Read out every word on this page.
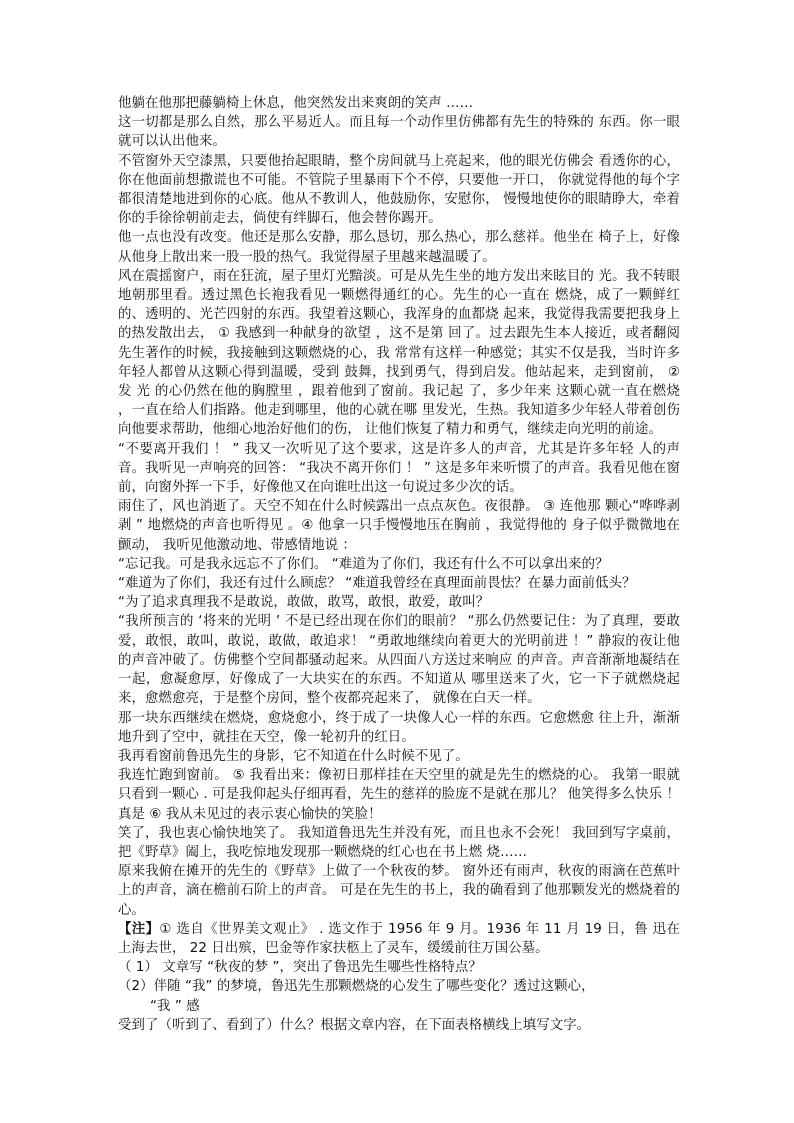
他躺在他那把藤躺椅上休息，他突然发出来爽朗的笑声 ……

这一切都是那么自然，那么平易近人。而且每一个动作里仿佛都有先生的特殊的 东西。你一眼就可以认出他来。

不管窗外天空漆黑，只要他抬起眼睛，整个房间就马上亮起来，他的眼光仿佛会 看透你的心，你在他面前想撒谎也不可能。不管院子里暴雨下个不停，只要他一开口， 你就觉得他的每个字都很清楚地进到你的心底。他从不教训人，他鼓励你，安慰你， 慢慢地使你的眼睛睁大，牵着你的手徐徐朝前走去，倘使有绊脚石，他会替你踢开。

他一点也没有改变。他还是那么安静，那么恳切，那么热心，那么慈祥。他坐在 椅子上，好像从他身上散出来一股一股的热气。我觉得屋子里越来越温暖了。

风在震摇窗户，雨在狂流，屋子里灯光黯淡。可是从先生坐的地方发出来眩目的 光。我不转眼地朝那里看。透过黑色长袍我看见一颗燃得通红的心。先生的心一直在 燃烧，成了一颗鲜红的、透明的、光芒四射的东西。我望着这颗心，我浑身的血都烧 起来，我觉得我需要把我身上的热发散出去， ① 我感到一种献身的欲望 ，这不是第 回了。过去跟先生本人接近，或者翻阅先生著作的时候，我接触到这颗燃烧的心，我 常常有这样一种感觉；其实不仅是我，当时许多年轻人都曾从这颗心得到温暖，受到 鼓舞，找到勇气，得到启发。他站起来，走到窗前， ② 发 光 的心仍然在他的胸膛里 ，跟着他到了窗前。我记起 了，多少年来 这颗心就一直在燃烧 ，一直在给人们指路。他走到哪里，他的心就在哪 里发光，生热。我知道多少年轻人带着创伤向他要求帮助，他细心地治好他们的伤， 让他们恢复了精力和勇气，继续走向光明的前途。

“不要离开我们 ！ ” 我又一次听见了这个要求，这是许多人的声音，尤其是许多年轻 人的声音。我听见一声响亮的回答： “我决不离开你们 ！ ” 这是多年来听惯了的声音。我看见他在窗前，向窗外挥一下手，好像他又在向谁吐出这一句说过多少次的话。

雨住了，风也消逝了。天空不知在什么时候露出一点点灰色。夜很静。 ③ 连他那 颗心“哗哗剥剥 ” 地燃烧的声音也听得见 。④ 他拿一只手慢慢地压在胸前 ，我觉得他的 身子似乎微微地在颤动， 我听见他激动地、带感情地说 ：

“忘记我。可是我永远忘不了你们。 “难道为了你们，我还有什么不可以拿出来的？

“难道为了你们，我还有过什么顾虑？ “难道我曾经在真理面前畏怯？在暴力面前低头？

“为了追求真理我不是敢说，敢做，敢骂，敢恨，敢爱，敢叫？

“我所预言的 ‘将来的光明 ’ 不是已经出现在你们的眼前？ “那么仍然要记住：为了真理，要敢爱，敢恨，敢叫，敢说，敢做，敢追求！ “勇敢地继续向着更大的光明前进 ！” 静寂的夜让他的声音冲破了。仿佛整个空间都骚动起来。从四面八方送过来响应 的声音。声音渐渐地凝结在一起，愈凝愈厚，好像成了一大块实在的东西。不知道从 哪里送来了火，它一下子就燃烧起来，愈燃愈亮，于是整个房间，整个夜都亮起来了， 就像在白天一样。

那一块东西继续在燃烧，愈烧愈小，终于成了一块像人心一样的东西。它愈燃愈 往上升，渐渐地升到了空中，就挂在天空，像一轮初升的红日。

我再看窗前鲁迅先生的身影，它不知道在什么时候不见了。

我连忙跑到窗前。 ⑤ 我看出来：像初日那样挂在天空里的就是先生的燃烧的心。 我第一眼就只看到一颗心 . 可是我仰起头仔细再看，先生的慈祥的脸庞不是就在那儿？ 他笑得多么快乐 ！真是 ⑥ 我从未见过的表示衷心愉快的笑脸！

笑了，我也衷心愉快地笑了。 我知道鲁迅先生并没有死，而且也永不会死！ 我回到写字桌前，把《野草》阖上，我吃惊地发现那一颗燃烧的红心也在书上燃 烧……

原来我俯在摊开的先生的《野草》上做了一个秋夜的梦。 窗外还有雨声，秋夜的雨滴在芭蕉叶上的声音，滴在檐前石阶上的声音。 可是在先生的书上，我的确看到了他那颗发光的燃烧着的心。

【注】① 选自《世界美文观止》 . 选文作于 1956 年 9 月。1936 年 11 月 19 日，鲁 迅在上海去世， 22 日出殡，巴金等作家扶柩上了灵车，缓缓前往万国公墓。

（ 1） 文章写 “秋夜的梦 ”，突出了鲁迅先生哪些性格特点？

（2）伴随 “我” 的梦境，鲁迅先生那颗燃烧的心发生了哪些变化？透过这颗心，

“我 ” 感

受到了（听到了、看到了）什么？根据文章内容，在下面表格横线上填写文字。
